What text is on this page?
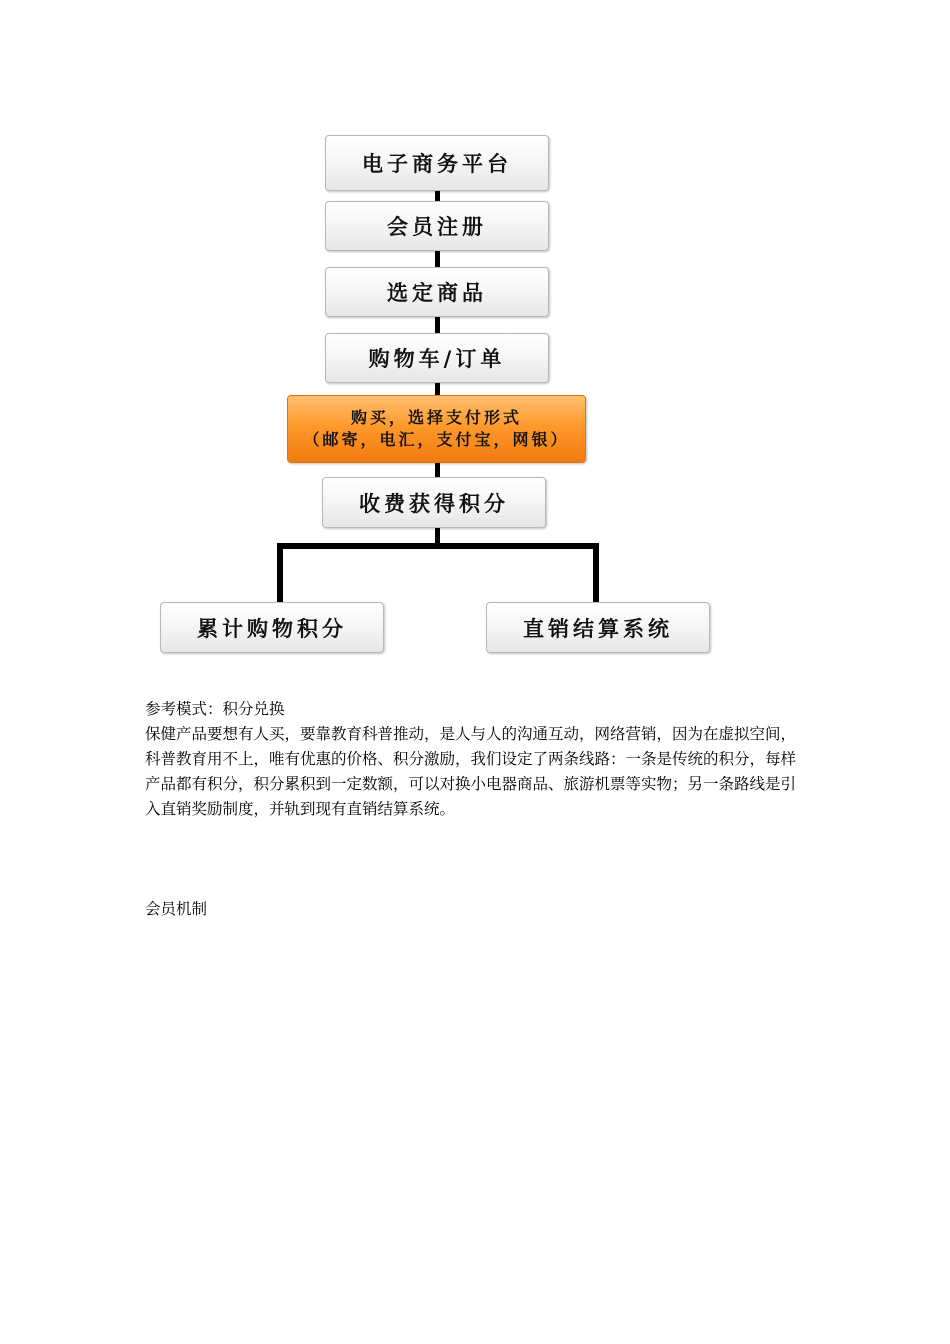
电子商务平台
会员注册
选定商品
购物车/订单
购买，选择支付形式
（邮寄，电汇，支付宝，网银）
收费获得积分
累计购物积分	直销结算系统

参考模式：积分兑换

保健产品要想有人买，要靠教育科普推动，是人与人的沟通互动，网络营销，因为在虚拟空间，科普教育用不上，唯有优惠的价格、积分激励，我们设定了两条线路：一条是传统的积分，每样产品都有积分，积分累积到一定数额，可以对换小电器商品、旅游机票等实物；另一条路线是引入直销奖励制度，并轨到现有直销结算系统。

会员机制
